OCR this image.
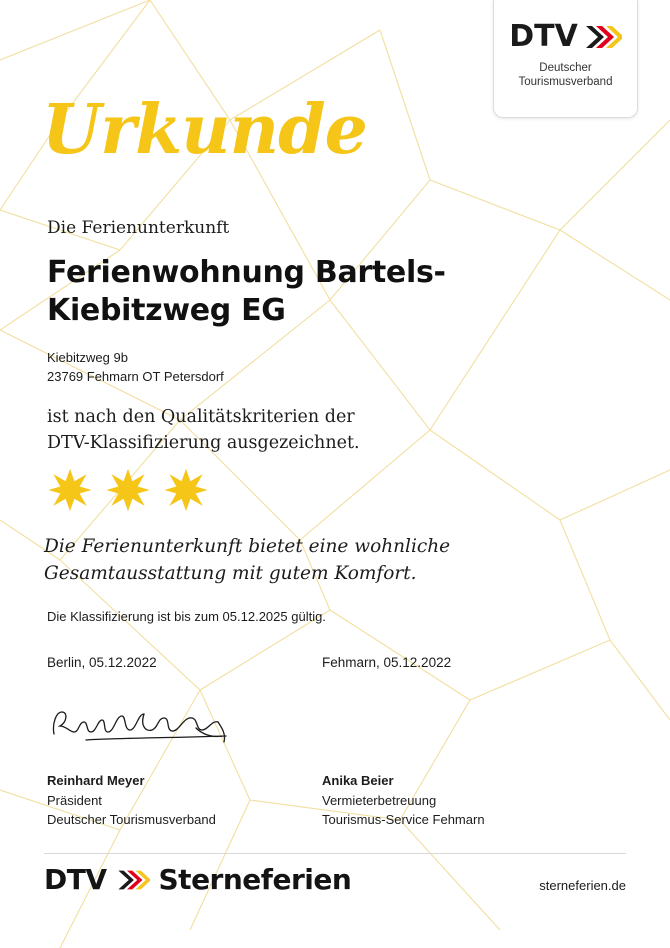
DTV
Deutscher
Tourismusverband
Urkunde
Die Ferienunterkunft
Ferienwohnung Bartels-Kiebitzweg EG
Kiebitzweg 9b
23769 Fehmarn OT Petersdorf
ist nach den Qualitätskriterien der
DTV-Klassifizierung ausgezeichnet.
Die Ferienunterkunft bietet eine wohnliche
Gesamtausstattung mit gutem Komfort.
Die Klassifizierung ist bis zum 05.12.2025 gültig.
Berlin, 05.12.2022	Fehmarn, 05.12.2022
Reinhard Meyer
Präsident
Deutscher Tourismusverband
Anika Beier
Vermieterbetreuung
Tourismus-Service Fehmarn
DTV Sterneferien	sterneferien.de
